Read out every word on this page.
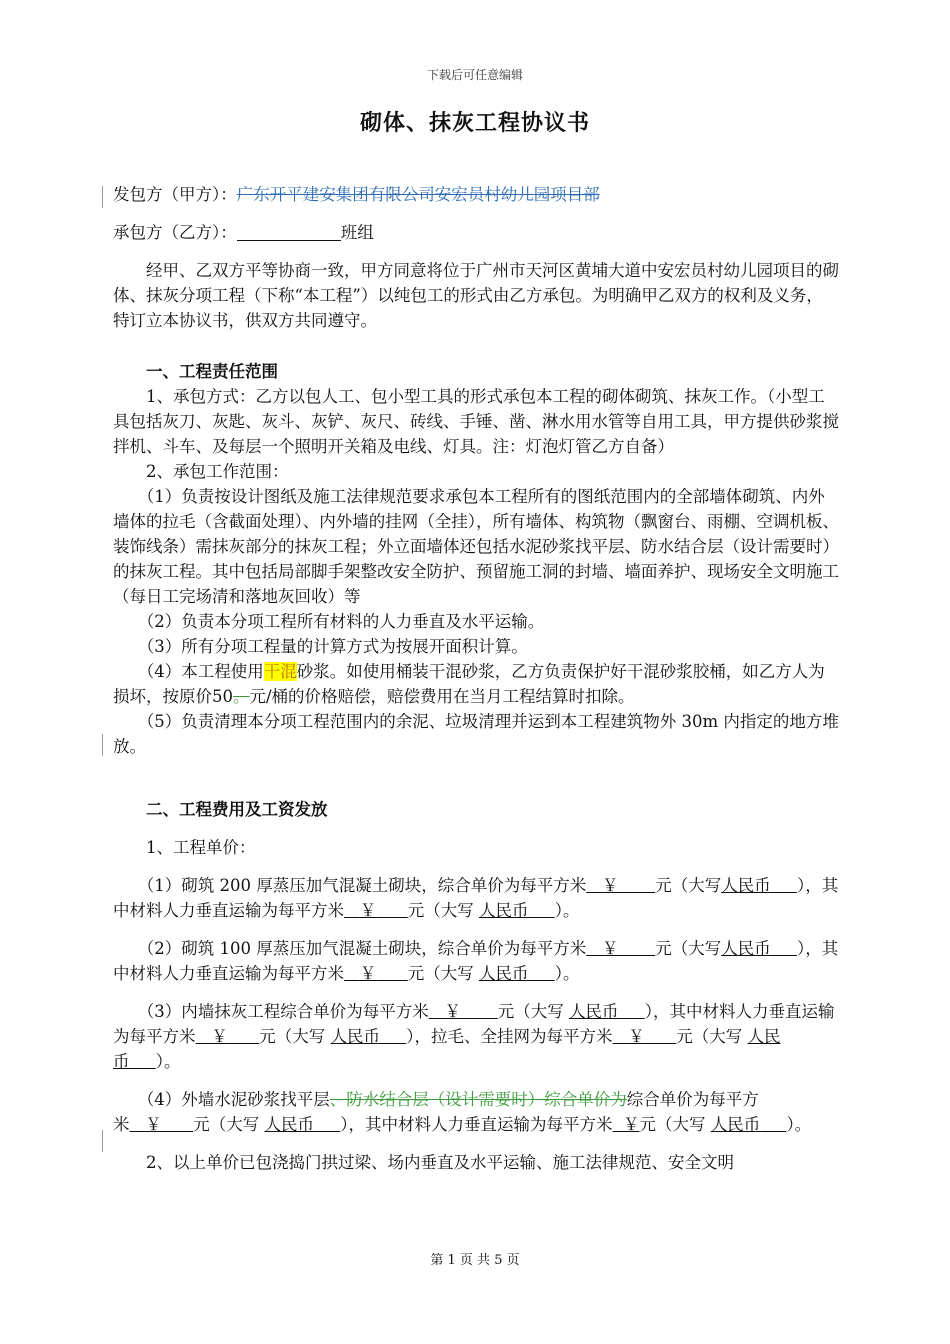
下载后可任意编辑
砌体、抹灰工程协议书

发包方（甲方）：广东开平建安集团有限公司安宏员村幼儿园项目部

承包方（乙方）：	班组

经甲、乙双方平等协商一致，甲方同意将位于广州市天河区黄埔大道中安宏员村幼儿园项目的砌体、抹灰分项工程（下称“本工程”）以纯包工的形式由乙方承包。为明确甲乙双方的权利及义务，特订立本协议书，供双方共同遵守。

一、工程责任范围

1、承包方式：乙方以包人工、包小型工具的形式承包本工程的砌体砌筑、抹灰工作。（小型工具包括灰刀、灰匙、灰斗、灰铲、灰尺、砖线、手锤、凿、淋水用水管等自用工具，甲方提供砂浆搅拌机、斗车、及每层一个照明开关箱及电线、灯具。注：灯泡灯管乙方自备）

2、承包工作范围：

（1）负责按设计图纸及施工法律规范要求承包本工程所有的图纸范围内的全部墙体砌筑、内外墙体的拉毛（含截面处理）、内外墙的挂网（全挂），所有墙体、构筑物（飘窗台、雨棚、空调机板、装饰线条）需抹灰部分的抹灰工程；外立面墙体还包括水泥砂浆找平层、防水结合层（设计需要时）的抹灰工程。其中包括局部脚手架整改安全防护、预留施工洞的封墙、墙面养护、现场安全文明施工（每日工完场清和落地灰回收）等

（2）负责本分项工程所有材料的人力垂直及水平运输。

（3）所有分项工程量的计算方式为按展开面积计算。

（4）本工程使用干混砂浆。如使用桶装干混砂浆，乙方负责保护好干混砂浆胶桶，如乙方人为损坏，按原价50。元/桶的价格赔偿，赔偿费用在当月工程结算时扣除。

（5）负责清理本分项工程范围内的余泥、垃圾清理并运到本工程建筑物外 30m 内指定的地方堆放。

二、工程费用及工资发放

1、工程单价：

（1）砌筑 200 厚蒸压加气混凝土砌块，综合单价为每平方米 ￥ 元（大写人民币 ），其中材料人力垂直运输为每平方米 ￥ 元（大写 人民币 ）。

（2）砌筑 100 厚蒸压加气混凝土砌块，综合单价为每平方米 ￥ 元（大写人民币 ），其中材料人力垂直运输为每平方米 ￥ 元（大写 人民币 ）。

（3）内墙抹灰工程综合单价为每平方米 ￥ 元（大写 人民币 ），其中材料人力垂直运输为每平方米 ￥ 元（大写 人民币 ），拉毛、全挂网为每平方米 ￥ 元（大写 人民币 ）。

（4）外墙水泥砂浆找平层、防水结合层（设计需要时）综合单价为综合单价为每平方米 ￥ 元（大写 人民币 ），其中材料人力垂直运输为每平方米 ￥元（大写 人民币 ）。

2、以上单价已包浇捣门拱过梁、场内垂直及水平运输、施工法律规范、安全文明

第 1 页 共 5 页
